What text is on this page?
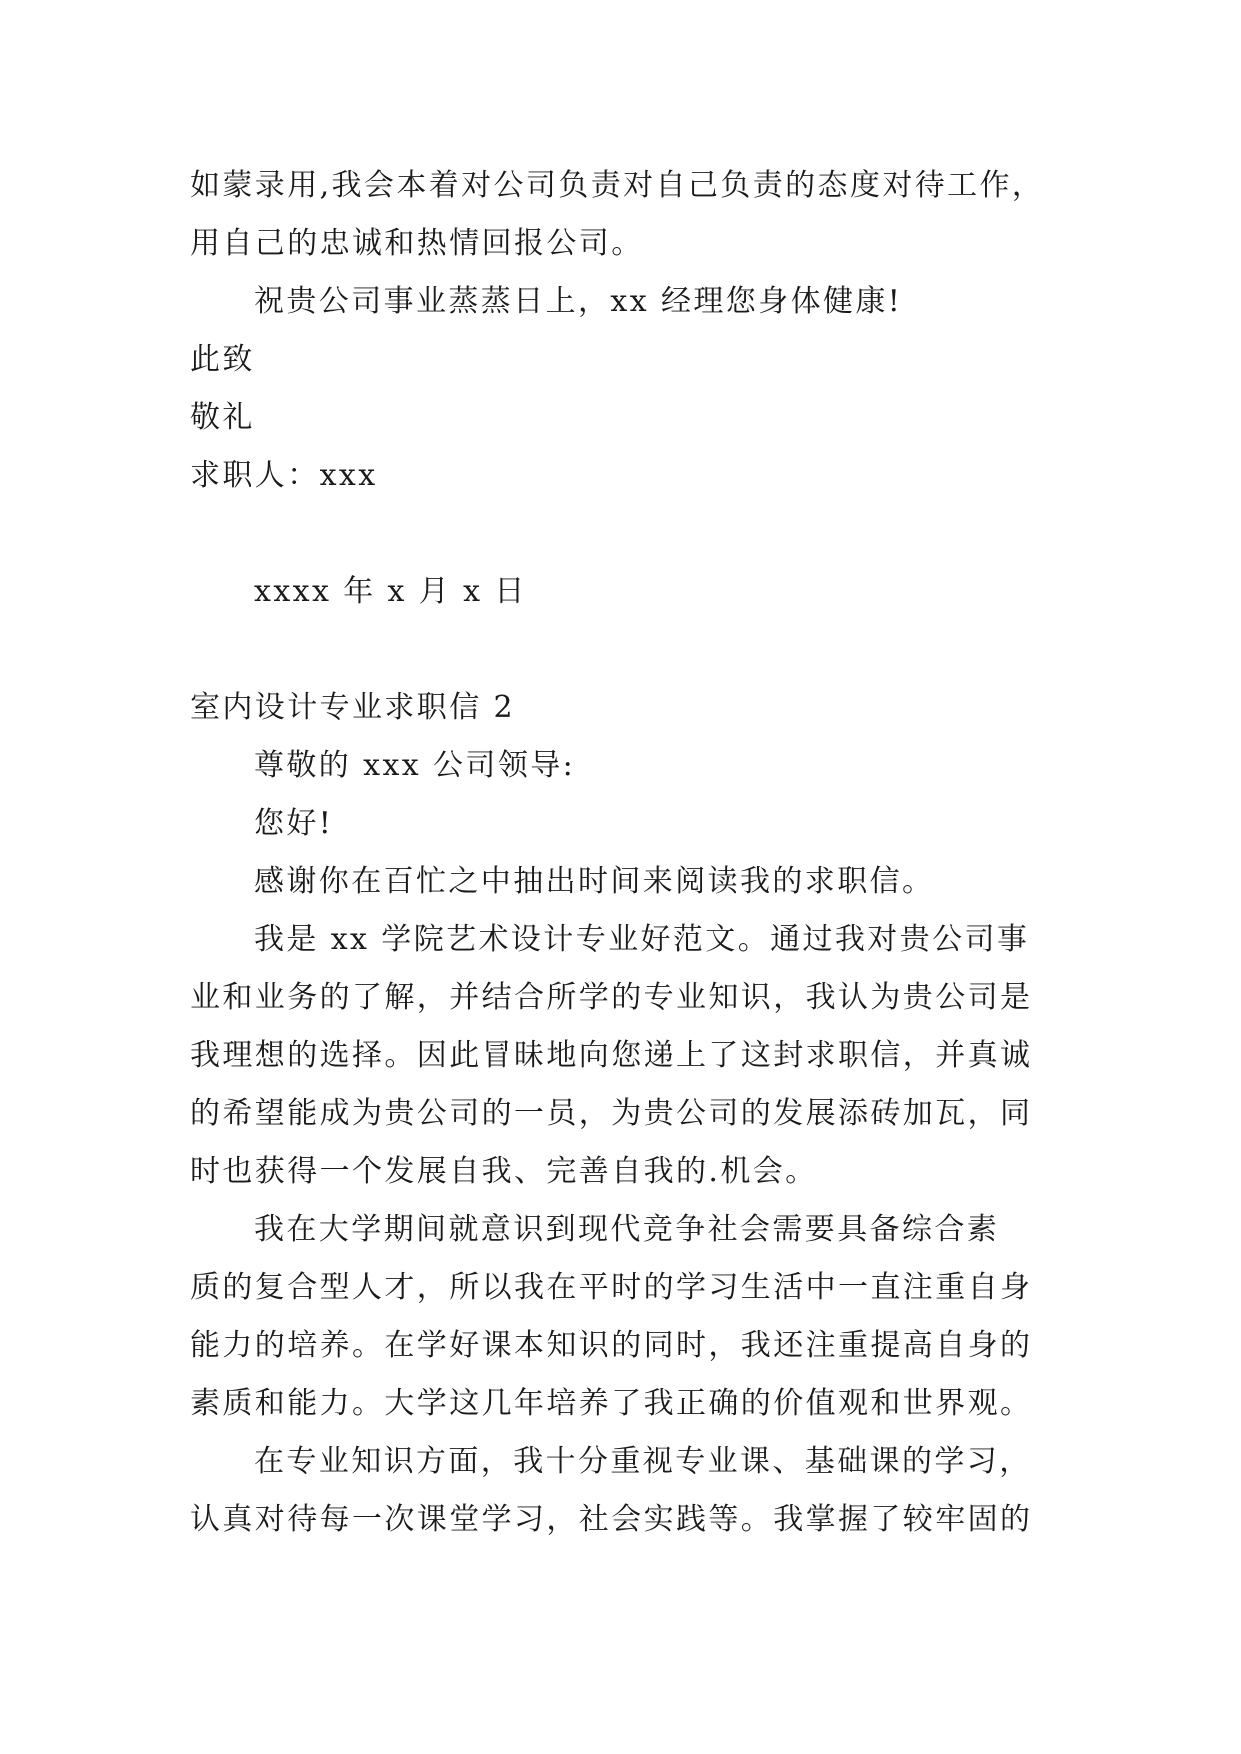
如蒙录用,我会本着对公司负责对自己负责的态度对待工作，
用自己的忠诚和热情回报公司。
祝贵公司事业蒸蒸日上，xx 经理您身体健康!
此致
敬礼
求职人：xxx
xxxx 年 x 月 x 日
室内设计专业求职信 2
尊敬的 xxx 公司领导:
您好!
感谢你在百忙之中抽出时间来阅读我的求职信。
我是 xx 学院艺术设计专业好范文。通过我对贵公司事
业和业务的了解，并结合所学的专业知识，我认为贵公司是
我理想的选择。因此冒昧地向您递上了这封求职信，并真诚
的希望能成为贵公司的一员，为贵公司的发展添砖加瓦，同
时也获得一个发展自我、完善自我的.机会。
我在大学期间就意识到现代竞争社会需要具备综合素
质的复合型人才，所以我在平时的学习生活中一直注重自身
能力的培养。在学好课本知识的同时，我还注重提高自身的
素质和能力。大学这几年培养了我正确的价值观和世界观。
在专业知识方面，我十分重视专业课、基础课的学习，
认真对待每一次课堂学习，社会实践等。我掌握了较牢固的
